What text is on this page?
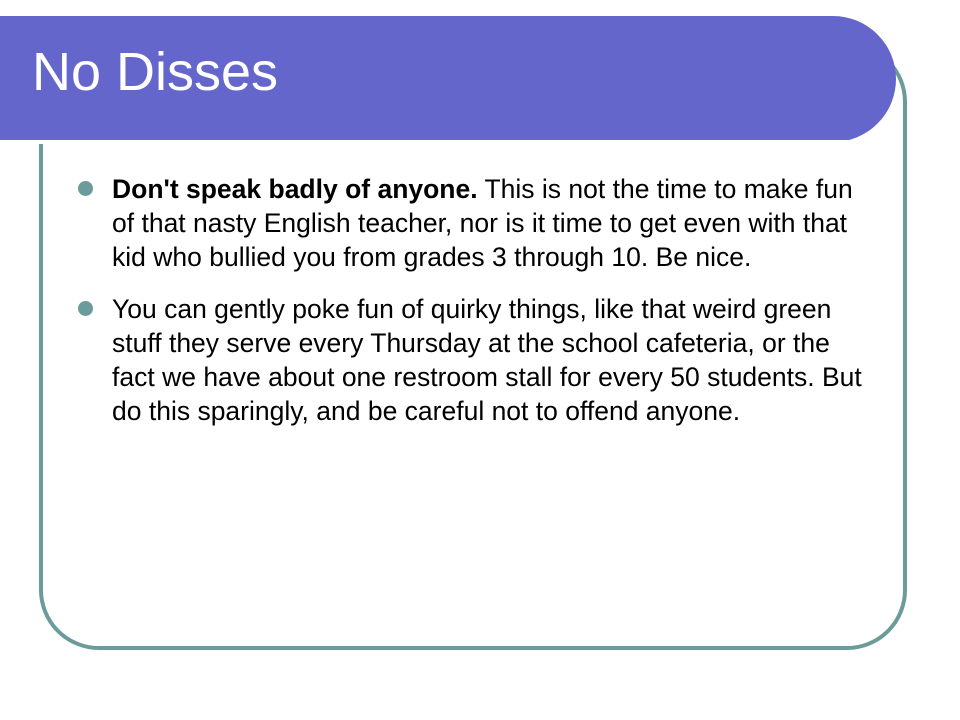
No Disses
Don't speak badly of anyone. This is not the time to make fun of that nasty English teacher, nor is it time to get even with that kid who bullied you from grades 3 through 10. Be nice.
You can gently poke fun of quirky things, like that weird green stuff they serve every Thursday at the school cafeteria, or the fact we have about one restroom stall for every 50 students. But do this sparingly, and be careful not to offend anyone.
